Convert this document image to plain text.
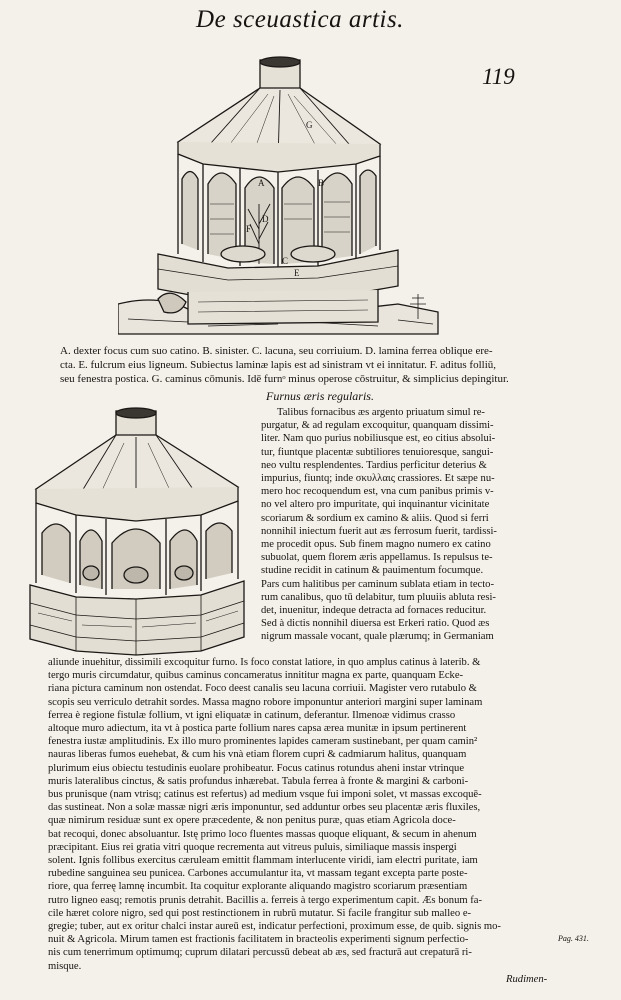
De sceuastica artis.
119
A	B
C
D
E
F
G

A. dexter focus cum suo catino. B. sinister. C. lacuna, seu corriuium. D. lamina ferrea oblique ere-

cta. E. fulcrum eius ligneum. Subiectus laminæ lapis est ad sinistram vt ei innitatur. F. aditus folliū,

seu fenestra postica. G. caminus cōmunis. Idē furnᵒ minus operose cōstruitur, & simplicius depingitur.

Furnus æris regularis.

Talibus fornacibus æs argento priuatum simul re-

purgatur, & ad regulam excoquitur, quanquam dissimi-

liter. Nam quo purius nobiliusque est, eo citius absolui-

tur, fiuntque placentæ subtiliores tenuioresque, sangui-

neo vultu resplendentes. Tardius perficitur deterius &

impurius, fiuntq; inde σκυλλαις crassiores. Et sæpe nu-

mero hoc recoquendum est, vna cum panibus primis v-

no vel altero pro impuritate, qui inquinantur vicinitate

scoriarum & sordium ex camino & aliis. Quod si ferri

nonnihil iniectum fuerit aut æs ferrosum fuerit, tardissi-

me procedit opus. Sub finem magno numero ex catino

subuolat, quem florem æris appellamus. Is repulsus te-

studine recidit in catinum & pauimentum focumque.

Pars cum halitibus per caminum sublata etiam in tecto-

rum canalibus, quo tū delabitur, tum pluuiis abluta resi-

det, inuenitur, indeque detracta ad fornaces reducitur.

Sed à dictis nonnihil diuersa est Erkeri ratio. Quod æs

nigrum massale vocant, quale plærumq; in Germaniam

aliunde inuehitur, dissimili excoquitur furno. Is foco constat latiore, in quo amplus catinus à laterib. &

tergo muris circumdatur, quibus caminus concameratus innititur magna ex parte, quanquam Ecke-

riana pictura caminum non ostendat. Foco deest canalis seu lacuna corriuii. Magister vero rutabulo &

scopis seu verriculo detrahit sordes. Massa magno robore imponuntur anteriori margini super laminam

ferrea è regione fistulæ follium, vt igni eliquatæ in catinum, deferantur. Ilmenoæ vidimus crasso

altoque muro adiectum, ita vt à postica parte follium nares capsa ærea munitæ in ipsum pertinerent

fenestra iustæ amplitudinis. Ex illo muro prominentes lapides cameram sustinebant, per quam camin²

nauras liberas fumos euehebat, & cum his vnà etiam florem cupri & cadmiarum halitus, quanquam

plurimum eius obiectu testudinis euolare prohibeatur. Focus catinus rotundus aheni instar vtrinque

muris lateralibus cinctus, & satis profundus inhærebat. Tabula ferrea à fronte & margini & carboni-

bus prunisque (nam vtrisq; catinus est refertus) ad medium vsque fui imponi solet, vt massas excoquē-

das sustineat. Non a solæ massæ nigri æris imponuntur, sed adduntur orbes seu placentæ æris fluxiles,

quæ nimirum residuæ sunt ex opere præcedente, & non penitus puræ, quas etiam Agricola doce-

bat recoqui, donec absoluantur. Istę primo loco fluentes massas quoque eliquant, & secum in ahenum

præcipitant. Eius rei gratia vitri quoque recrementa aut vitreus puluis, similiaque massis inspergi

solent. Ignis follibus exercitus cæruleam emittit flammam interlucente viridi, iam electri puritate, iam

rubedine sanguinea seu punicea. Carbones accumulantur ita, vt massam tegant excepta parte poste-

riore, qua ferreę lamnę incumbit. Ita coquitur explorante aliquando magistro scoriarum præsentiam

rutro ligneo easq; remotis prunis detrahit. Bacillis a. ferreis à tergo experimentum capit. Æs bonum fa-

cile hæret colore nigro, sed qui post restinctionem in rubrū mutatur. Si facile frangitur sub malleo e-

gregie; tuber, aut ex oritur chalci instar aureū est, indicatur perfectioni, proximum esse, de quib. signis mo-

nuit & Agricola. Mirum tamen est fractionis facilitatem in bracteolis experimenti signum perfectio-

nis cum tenerrimum optimumq; cuprum dilatari percussū debeat ab æs, sed fracturā aut crepaturā ri-

misque.

Pag. 431.
Rudimen-
